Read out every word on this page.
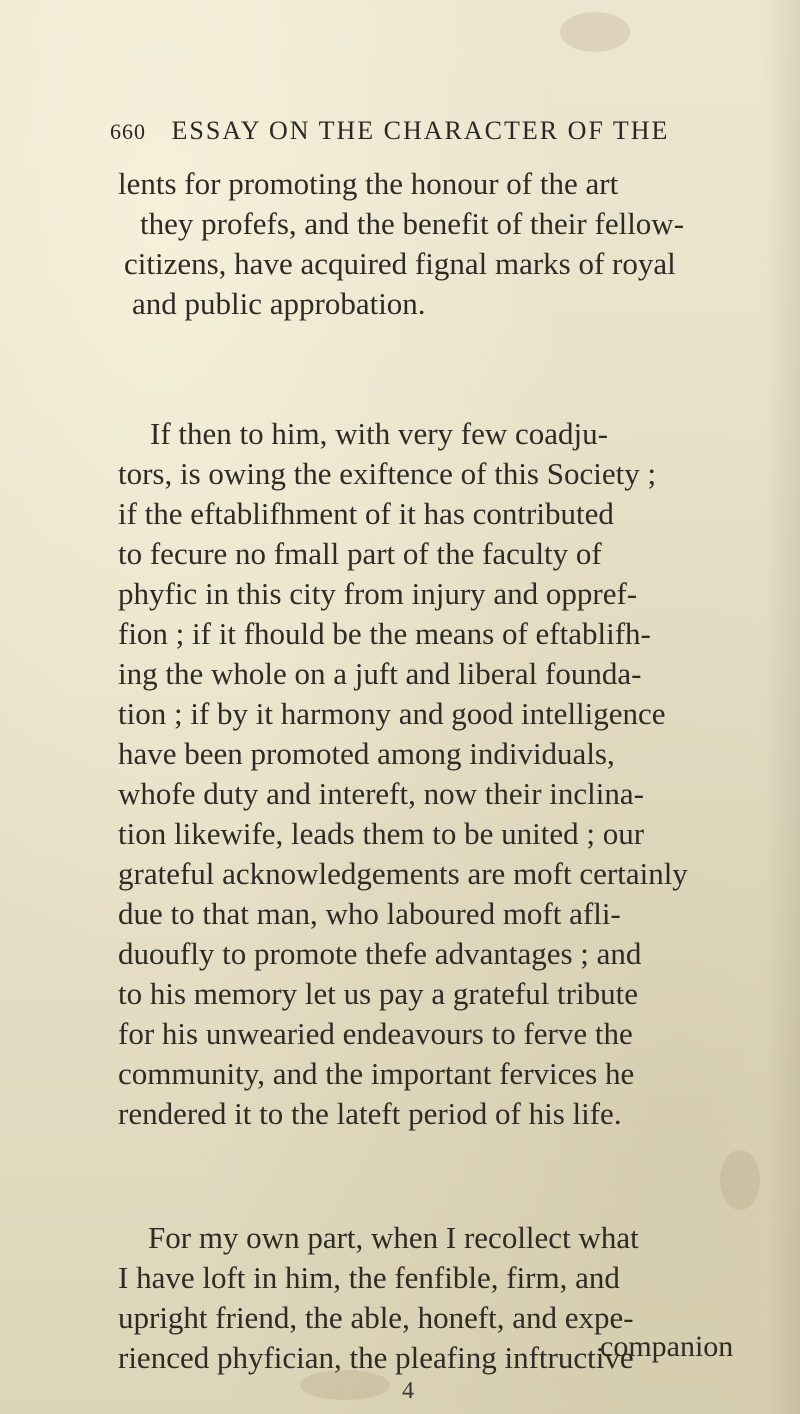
660 ESSAY ON THE CHARACTER OF THE
lents for promoting the honour of the art
they profefs, and the benefit of their fellow-
citizens, have acquired fignal marks of royal
and public approbation.
If then to him, with very few coadju-
tors, is owing the exiftence of this Society ;
if the eftablifhment of it has contributed
to fecure no fmall part of the faculty of
phyfic in this city from injury and oppref-
fion ; if it fhould be the means of eftablifh-
ing the whole on a juft and liberal founda-
tion ; if by it harmony and good intelligence
have been promoted among individuals,
whofe duty and intereft, now their inclina-
tion likewife, leads them to be united ; our
grateful acknowledgements are moft certainly
due to that man, who laboured moft afli-
duoufly to promote thefe advantages ; and
to his memory let us pay a grateful tribute
for his unwearied endeavours to ferve the
community, and the important fervices he
rendered it to the lateft period of his life.
For my own part, when I recollect what
I have loft in him, the fenfible, firm, and
upright friend, the able, honeft, and expe-
rienced phyfician, the pleafing inftructive
companion
4
